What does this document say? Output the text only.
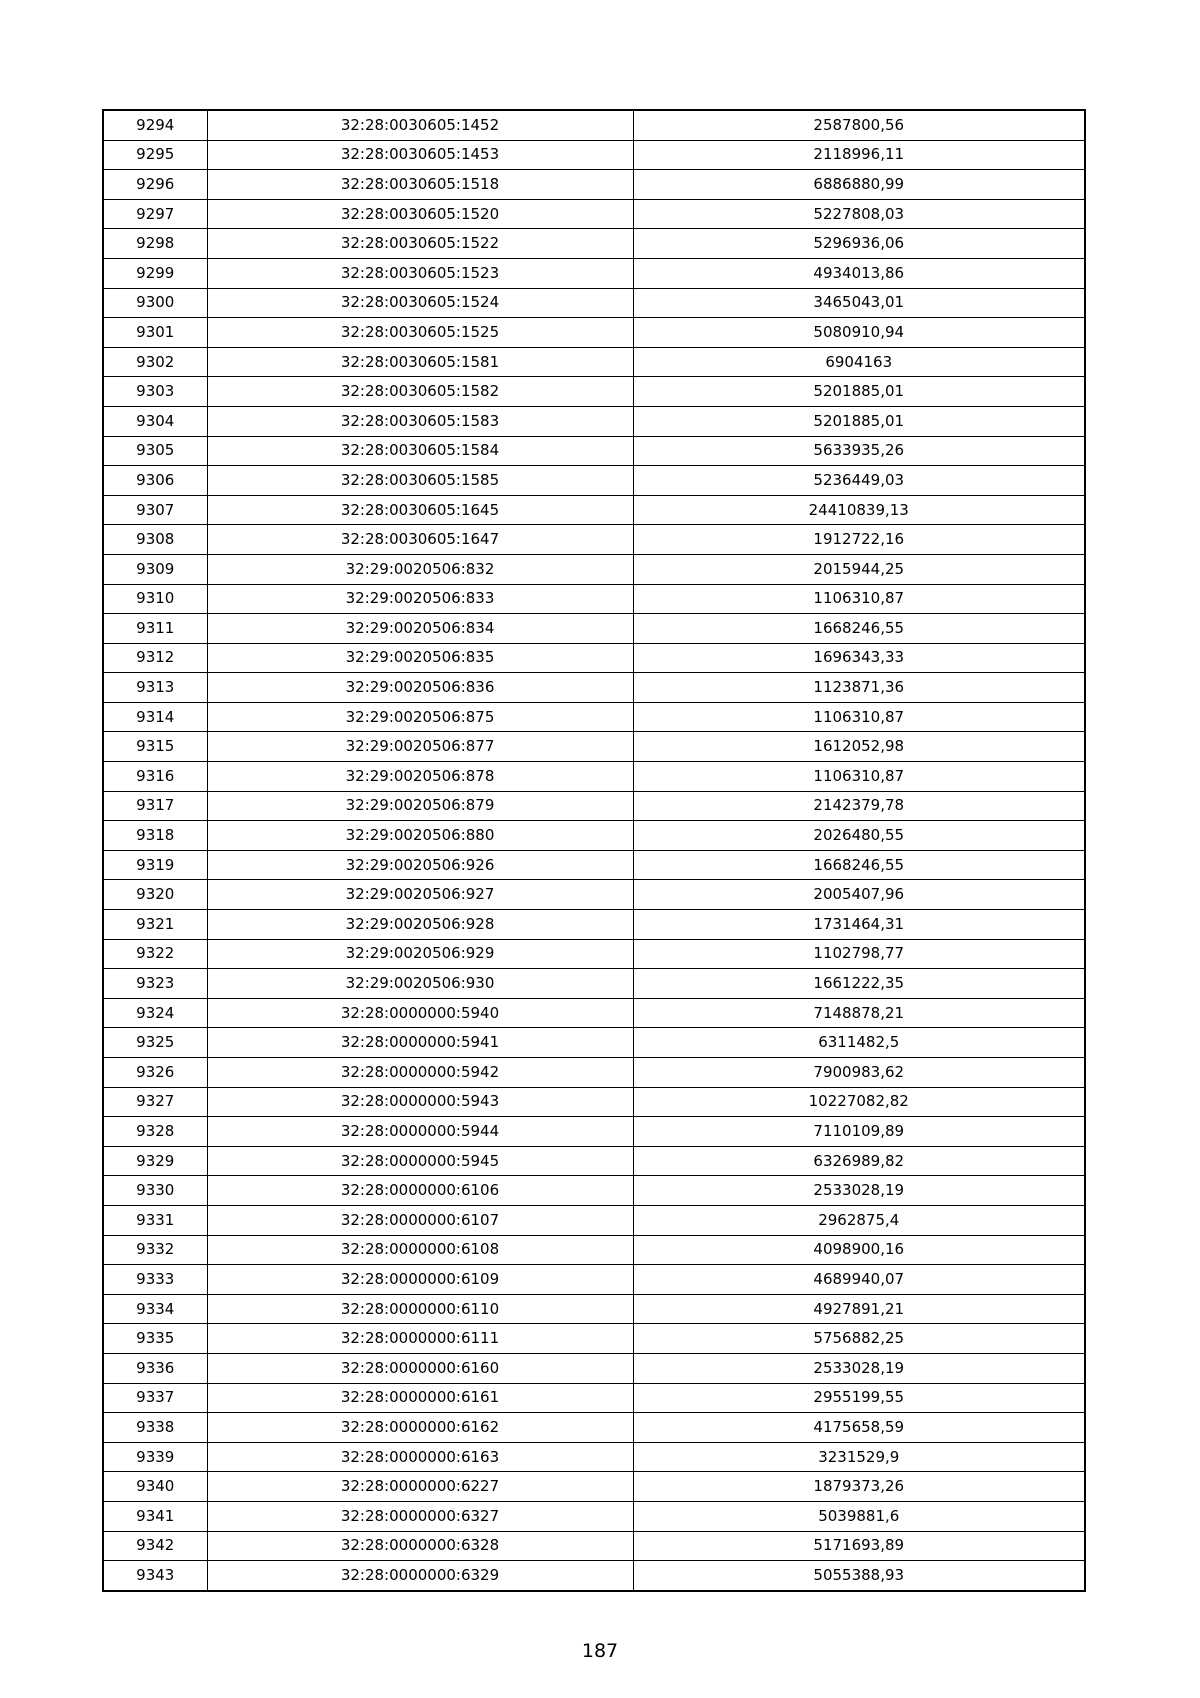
9294	32:28:0030605:1452	2587800,56
9295	32:28:0030605:1453	2118996,11
9296	32:28:0030605:1518	6886880,99
9297	32:28:0030605:1520	5227808,03
9298	32:28:0030605:1522	5296936,06
9299	32:28:0030605:1523	4934013,86
9300	32:28:0030605:1524	3465043,01
9301	32:28:0030605:1525	5080910,94
9302	32:28:0030605:1581	6904163
9303	32:28:0030605:1582	5201885,01
9304	32:28:0030605:1583	5201885,01
9305	32:28:0030605:1584	5633935,26
9306	32:28:0030605:1585	5236449,03
9307	32:28:0030605:1645	24410839,13
9308	32:28:0030605:1647	1912722,16
9309	32:29:0020506:832	2015944,25
9310	32:29:0020506:833	1106310,87
9311	32:29:0020506:834	1668246,55
9312	32:29:0020506:835	1696343,33
9313	32:29:0020506:836	1123871,36
9314	32:29:0020506:875	1106310,87
9315	32:29:0020506:877	1612052,98
9316	32:29:0020506:878	1106310,87
9317	32:29:0020506:879	2142379,78
9318	32:29:0020506:880	2026480,55
9319	32:29:0020506:926	1668246,55
9320	32:29:0020506:927	2005407,96
9321	32:29:0020506:928	1731464,31
9322	32:29:0020506:929	1102798,77
9323	32:29:0020506:930	1661222,35
9324	32:28:0000000:5940	7148878,21
9325	32:28:0000000:5941	6311482,5
9326	32:28:0000000:5942	7900983,62
9327	32:28:0000000:5943	10227082,82
9328	32:28:0000000:5944	7110109,89
9329	32:28:0000000:5945	6326989,82
9330	32:28:0000000:6106	2533028,19
9331	32:28:0000000:6107	2962875,4
9332	32:28:0000000:6108	4098900,16
9333	32:28:0000000:6109	4689940,07
9334	32:28:0000000:6110	4927891,21
9335	32:28:0000000:6111	5756882,25
9336	32:28:0000000:6160	2533028,19
9337	32:28:0000000:6161	2955199,55
9338	32:28:0000000:6162	4175658,59
9339	32:28:0000000:6163	3231529,9
9340	32:28:0000000:6227	1879373,26
9341	32:28:0000000:6327	5039881,6
9342	32:28:0000000:6328	5171693,89
9343	32:28:0000000:6329	5055388,93
187
